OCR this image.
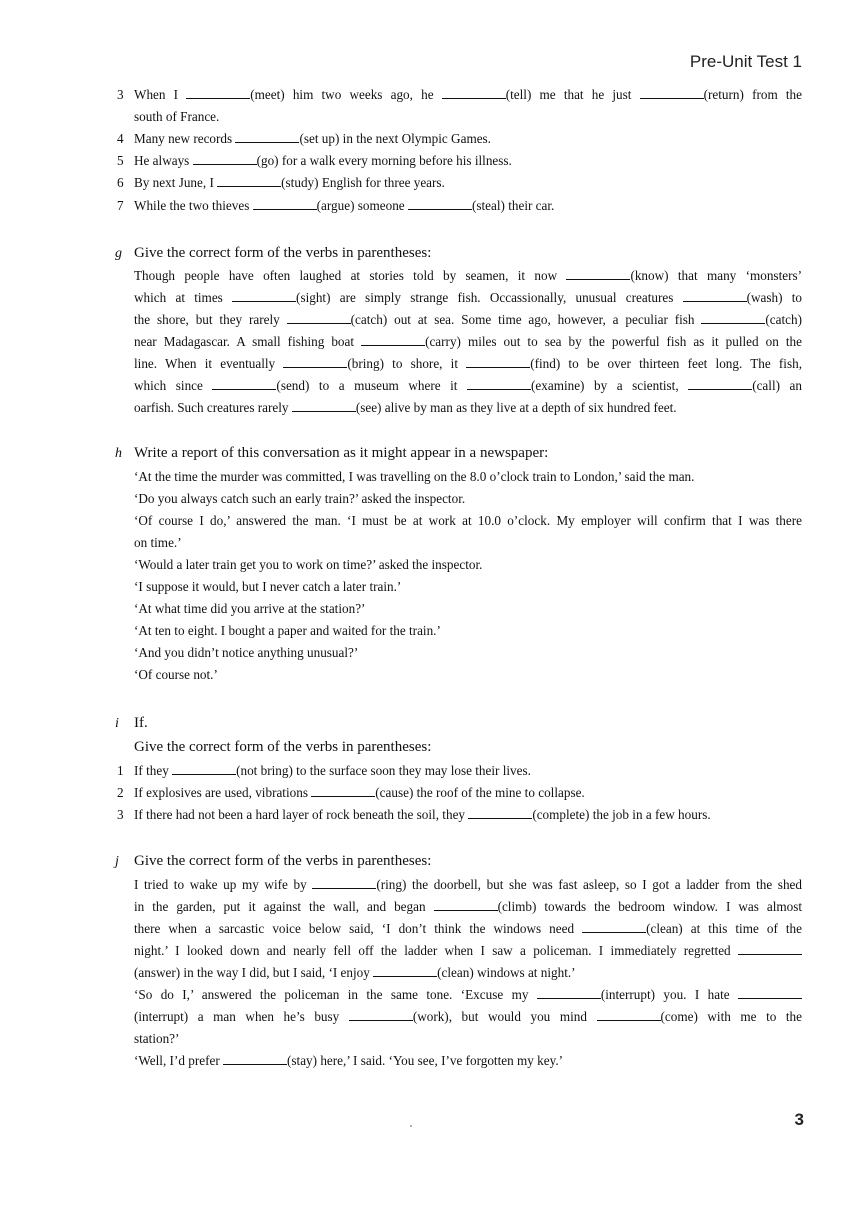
Pre-Unit Test 1
3 When I	(meet) him two weeks ago, he	(tell) me that he just	(return) from the
south of France.
4 Many new records	(set up) in the next Olympic Games.
5 He always	(go) for a walk every morning before his illness.
6 By next June, I	(study) English for three years.
7 While the two thieves	(argue) someone	(steal) their car.
g Give the correct form of the verbs in parentheses:
Though people have often laughed at stories told by seamen, it now	(know) that many ‘monsters’
which at times	(sight) are simply strange fish. Occassionally, unusual creatures	(wash) to
the shore, but they rarely	(catch) out at sea. Some time ago, however, a peculiar fish	(catch)
near Madagascar. A small fishing boat	(carry) miles out to sea by the powerful fish as it pulled on the
line. When it eventually	(bring) to shore, it	(find) to be over thirteen feet long. The fish,
which since	(send) to a museum where it	(examine) by a scientist,	(call) an
oarfish. Such creatures rarely	(see) alive by man as they live at a depth of six hundred feet.
h Write a report of this conversation as it might appear in a newspaper:
‘At the time the murder was committed, I was travelling on the 8.0 o’clock train to London,’ said the man.
‘Do you always catch such an early train?’ asked the inspector.
‘Of course I do,’ answered the man. ‘I must be at work at 10.0 o’clock. My employer will confirm that I was there
on time.’
‘Would a later train get you to work on time?’ asked the inspector.
‘I suppose it would, but I never catch a later train.’
‘At what time did you arrive at the station?’
‘At ten to eight. I bought a paper and waited for the train.’
‘And you didn’t notice anything unusual?’
‘Of course not.’
i If.
Give the correct form of the verbs in parentheses:
1 If they	(not bring) to the surface soon they may lose their lives.
2 If explosives are used, vibrations	(cause) the roof of the mine to collapse.
3 If there had not been a hard layer of rock beneath the soil, they	(complete) the job in a few hours.
j Give the correct form of the verbs in parentheses:
I tried to wake up my wife by	(ring) the doorbell, but she was fast asleep, so I got a ladder from the shed
in the garden, put it against the wall, and began	(climb) towards the bedroom window. I was almost
there when a sarcastic voice below said, ‘I don’t think the windows need	(clean) at this time of the
night.’ I looked down and nearly fell off the ladder when I saw a policeman. I immediately regretted
(answer) in the way I did, but I said, ‘I enjoy	(clean) windows at night.’
‘So do I,’ answered the policeman in the same tone. ‘Excuse my	(interrupt) you. I hate
(interrupt) a man when he’s busy	(work), but would you mind	(come) with me to the
station?’
‘Well, I’d prefer	(stay) here,’ I said. ‘You see, I’ve forgotten my key.’
3
